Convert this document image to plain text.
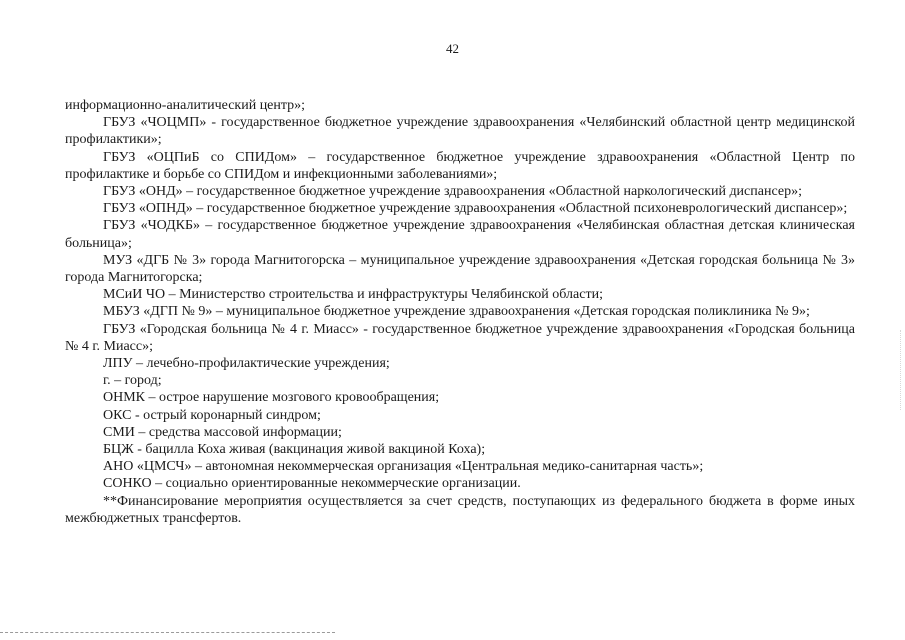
42

информационно-аналитический центр»;

ГБУЗ «ЧОЦМП» - государственное бюджетное учреждение здравоохранения «Челябинский областной центр медицинской профилактики»;

ГБУЗ «ОЦПиБ со СПИДом» – государственное бюджетное учреждение здравоохранения «Областной Центр по профилактике и борьбе со СПИДом и инфекционными заболеваниями»;

ГБУЗ «ОНД» – государственное бюджетное учреждение здравоохранения «Областной наркологический диспансер»;

ГБУЗ «ОПНД» – государственное бюджетное учреждение здравоохранения «Областной психоневрологический диспансер»;

ГБУЗ «ЧОДКБ» – государственное бюджетное учреждение здравоохранения «Челябинская областная детская клиническая больница»;

МУЗ «ДГБ № 3» города Магнитогорска – муниципальное учреждение здравоохранения «Детская городская больница № 3» города Магнитогорска;

МСиИ ЧО – Министерство строительства и инфраструктуры Челябинской области;

МБУЗ «ДГП № 9» – муниципальное бюджетное учреждение здравоохранения «Детская городская поликлиника № 9»;

ГБУЗ «Городская больница № 4 г. Миасс» - государственное бюджетное учреждение здравоохранения «Городская больница № 4 г. Миасс»;

ЛПУ – лечебно-профилактические учреждения;

г. – город;

ОНМК – острое нарушение мозгового кровообращения;

ОКС - острый коронарный синдром;

СМИ – средства массовой информации;

БЦЖ - бацилла Коха живая (вакцинация живой вакциной Коха);

АНО «ЦМСЧ» – автономная некоммерческая организация «Центральная медико-санитарная часть»;

СОНКО – социально ориентированные некоммерческие организации.

**Финансирование мероприятия осуществляется за счет средств, поступающих из федерального бюджета в форме иных межбюджетных трансфертов.
